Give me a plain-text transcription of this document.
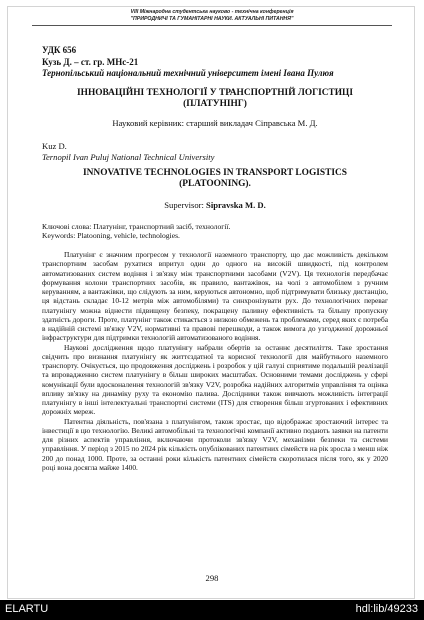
VIII Міжнародна студентська науково - технічна конференція
"ПРИРОДНИЧІ ТА ГУМАНІТАРНІ НАУКИ. АКТУАЛЬНІ ПИТАННЯ"
УДК 656
Кузь Д. – ст. гр. МНс-21
Тернопільський національний технічний університет імені Івана Пулюя
ІННОВАЦІЙНІ ТЕХНОЛОГІЇ У ТРАНСПОРТНІЙ ЛОГІСТИЦІ
(ПЛАТУНІНГ)
Науковий керівник: старший викладач Сіправська М. Д.
Kuz D.
Ternopil Ivan Puluj National Technical University
INNOVATIVE TECHNOLOGIES IN TRANSPORT LOGISTICS
(PLATOONING).
Supervisor: Sipravska M. D.
Ключові слова: Платунінг, транспортний засіб, технології.
Keywords: Platooning, vehicle, technologies.

Платунінг є значним прогресом у технології наземного транспорту, що дає можливість декільком транспортним засобам рухатися впритул один до одного на високій швидкості, під контролем автоматизованих систем водіння і зв'язку між транспортними засобами (V2V). Ця технологія передбачає формування колони транспортних засобів, як правило, вантажівок, на чолі з автомобілем з ручним керуванням, а вантажівки, що слідують за ним, керуються автономно, щоб підтримувати близьку дистанцію, ця відстань складає 10-12 метрів між автомобілями) та синхронізувати рух. До технологічних переваг платунінгу можна віднести підвищену безпеку, покращену паливну ефективність та більшу пропускну здатність дороги. Проте, платунінг також стикається з низкою обмежень та проблемами, серед яких є потреба в надійній системі зв'язку V2V, нормативні та правові перешкоди, а також вимога до узгодженої дорожньої інфраструктури для підтримки технологій автоматизованого водіння.

Наукові дослідження щодо платунінгу набрали обертів за останнє десятиліття. Таке зростання свідчить про визнання платунінгу як життєздатної та корисної технології для майбутнього наземного транспорту. Очікується, що продовження досліджень і розробок у цій галузі сприятиме подальшій реалізації та впровадженню систем платунінгу в більш широких масштабах. Основними темами досліджень у сфері комунікації були вдосконалення технологій зв'язку V2V, розробка надійних алгоритмів управління та оцінка впливу зв'язку на динаміку руху та економію палива. Дослідники також вивчають можливість інтеграції платунінгу в інші інтелектуальні транспортні системи (ITS) для створення більш згуртованих і ефективних дорожніх мереж.

Патентна діяльність, пов'язана з платунінгом, також зростає, що відображає зростаючий інтерес та інвестиції в цю технологію. Великі автомобільні та технологічні компанії активно подають заявки на патенти для різних аспектів управління, включаючи протоколи зв'язку V2V, механізми безпеки та системи управління. У період з 2015 по 2024 рік кількість опублікованих патентних сімейств на рік зросла з менш ніж 200 до понад 1000. Проте, за останні роки кількість патентних сімейств скоротилася після того, як у 2020 році вона досягла майже 1400.

298
ELARTU	hdl:lib/49233
